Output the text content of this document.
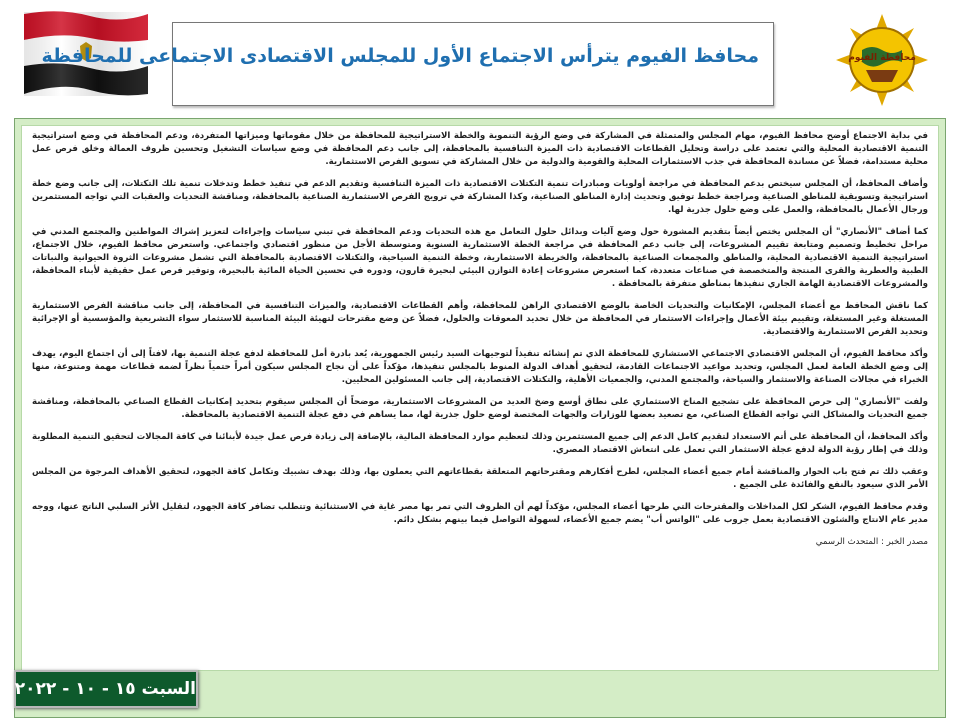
محافظة الفيوم
محافظ الفيوم يترأس الاجتماع الأول للمجلس الاقتصادى الاجتماعى للمحافظة

في بداية الاجتماع أوضح محافظ الفيوم، مهام المجلس والمتمثلة في المشاركة في وضع الرؤية التنموية والخطة الاستراتيجية للمحافظة من خلال مقوماتها وميزاتها المتفردة، ودعم المحافظة في وضع استراتيجية التنمية الاقتصادية المحلية والتي تعتمد على دراسة وتحليل القطاعات الاقتصادية ذات الميزة التنافسية بالمحافظة، إلى جانب دعم المحافظة في وضع سياسات التشغيل وتحسين ظروف العمالة وخلق فرص عمل محلية مستدامة، فضلاً عن مساندة المحافظة في جذب الاستثمارات المحلية والقومية والدولية من خلال المشاركة في تسويق الفرص الاستثمارية.

وأضاف المحافظ، أن المجلس سيختص بدعم المحافظة في مراجعة أولويات ومبادرات تنمية التكتلات الاقتصادية ذات الميزة التنافسية وتقديم الدعم في تنفيذ خطط وتدخلات تنمية تلك التكتلات، إلى جانب وضع خطة استراتيجية وتسويقية للمناطق الصناعية ومراجعة خطط توفيق وتحديث إدارة المناطق الصناعية، وكذا المشاركة في ترويج الفرص الاستثمارية الصناعية بالمحافظة، ومناقشة التحديات والعقبات التي تواجه المستثمرين ورجال الأعمال بالمحافظة، والعمل على وضع حلول جذرية لها.

كما أضاف "الأنصاري" أن المجلس يختص أيضاً بتقديم المشورة حول وضع آليات وبدائل حلول التعامل مع هذه التحديات ودعم المحافظة في تبني سياسات وإجراءات لتعزيز إشراك المواطنين والمجتمع المدني في مراحل تخطيط وتصميم ومتابعة تقييم المشروعات، إلى جانب دعم المحافظة في مراجعة الخطة الاستثمارية السنوية ومتوسطة الأجل من منظور اقتصادي واجتماعي. واستعرض محافظ الفيوم، خلال الاجتماع، استراتيجية التنمية الاقتصادية المحلية، والمناطق والمجمعات الصناعية بالمحافظة، والخريطة الاستثمارية، وخطة التنمية السياحية، والتكتلات الاقتصادية بالمحافظة التي تشمل مشروعات الثروة الحيوانية والنباتات الطبية والعطرية والقرى المنتجة والمتخصصة في صناعات متعددة، كما استعرض مشروعات إعادة التوازن البيئي لبحيرة قارون، ودوره في تحسين الحياة المائية بالبحيرة، وتوفير فرص عمل حقيقية لأبناء المحافظة، والمشروعات الاقتصادية الهامة الجاري تنفيذها بمناطق متفرقة بالمحافظة .

كما ناقش المحافظ مع أعضاء المجلس، الإمكانيات والتحديات الخاصة بالوضع الاقتصادي الراهن للمحافظة، وأهم القطاعات الاقتصادية، والميزات التنافسية في المحافظة، إلى جانب مناقشة الفرص الاستثمارية المستغلة وغير المستغلة، وتقييم بيئة الأعمال وإجراءات الاستثمار في المحافظة من خلال تحديد المعوقات والحلول، فضلاً عن وضع مقترحات لتهيئة البيئة المناسبة للاستثمار سواء التشريعية والمؤسسية أو الإجرائية وتحديد الفرص الاستثمارية والاقتصادية.

وأكد محافظ الفيوم، أن المجلس الاقتصادي الاجتماعي الاستشاري للمحافظة الذي تم إنشائه تنفيذاً لتوجيهات السيد رئيس الجمهورية، يُعد بادرة أمل للمحافظة لدفع عجلة التنمية بها، لافتاً إلى أن اجتماع اليوم، يهدف إلى وضع الخطة العامة لعمل المجلس، وتحديد مواعيد الاجتماعات القادمة، لتحقيق أهداف الدولة المنوط بالمجلس تنفيذها، مؤكداً على أن نجاح المجلس سيكون أمراً حتمياً نظراً لضمه قطاعات مهمة ومتنوعة، منها الخبراء في مجالات الصناعة والاستثمار والسياحة، والمجتمع المدني، والجمعيات الأهلية، والتكتلات الاقتصادية، إلى جانب المسئولين المحليين.

ولفت "الأنصاري" إلى حرص المحافظة على تشجيع المناخ الاستثماري على نطاق أوسع وضخ العديد من المشروعات الاستثمارية، موضحاً أن المجلس سيقوم بتحديد إمكانيات القطاع الصناعي بالمحافظة، ومناقشة جميع التحديات والمشاكل التي تواجه القطاع الصناعي، مع تصعيد بعضها للوزارات والجهات المختصة لوضع حلول جذرية لها، مما يساهم في دفع عجلة التنمية الاقتصادية بالمحافظة.

وأكد المحافظ، أن المحافظة على أتم الاستعداد لتقديم كامل الدعم إلى جميع المستثمرين وذلك لتعظيم موارد المحافظة المالية، بالإضافة إلى زيادة فرص عمل جيدة لأبنائنا في كافة المجالات لتحقيق التنمية المطلوبة وذلك في إطار رؤية الدولة لدفع عجلة الاستثمار التي تعمل على انتعاش الاقتصاد المصري.

وعقب ذلك تم فتح باب الحوار والمناقشة أمام جميع أعضاء المجلس، لطرح أفكارهم ومقترحاتهم المتعلقة بقطاعاتهم التي يعملون بها، وذلك بهدف تشبيك وتكامل كافة الجهود، لتحقيق الأهداف المرجوة من المجلس الأمر الذي سيعود بالنفع والفائدة على الجميع .

وقدم محافظ الفيوم، الشكر لكل المداخلات والمقترحات التي طرحها أعضاء المجلس، مؤكداً لهم أن الظروف التي تمر بها مصر غاية في الاستثنائية وتتطلب تضافر كافة الجهود، لتقليل الأثر السلبي الناتج عنها، ووجه مدير عام الانتاج والشئون الاقتصادية بعمل جروب على "الواتس أب" يضم جميع الأعضاء، لسهولة التواصل فيما بينهم بشكل دائم.

مصدر الخبر : المتحدث الرسمي

السبت ١٥ - ١٠ - ٢٠٢٢
